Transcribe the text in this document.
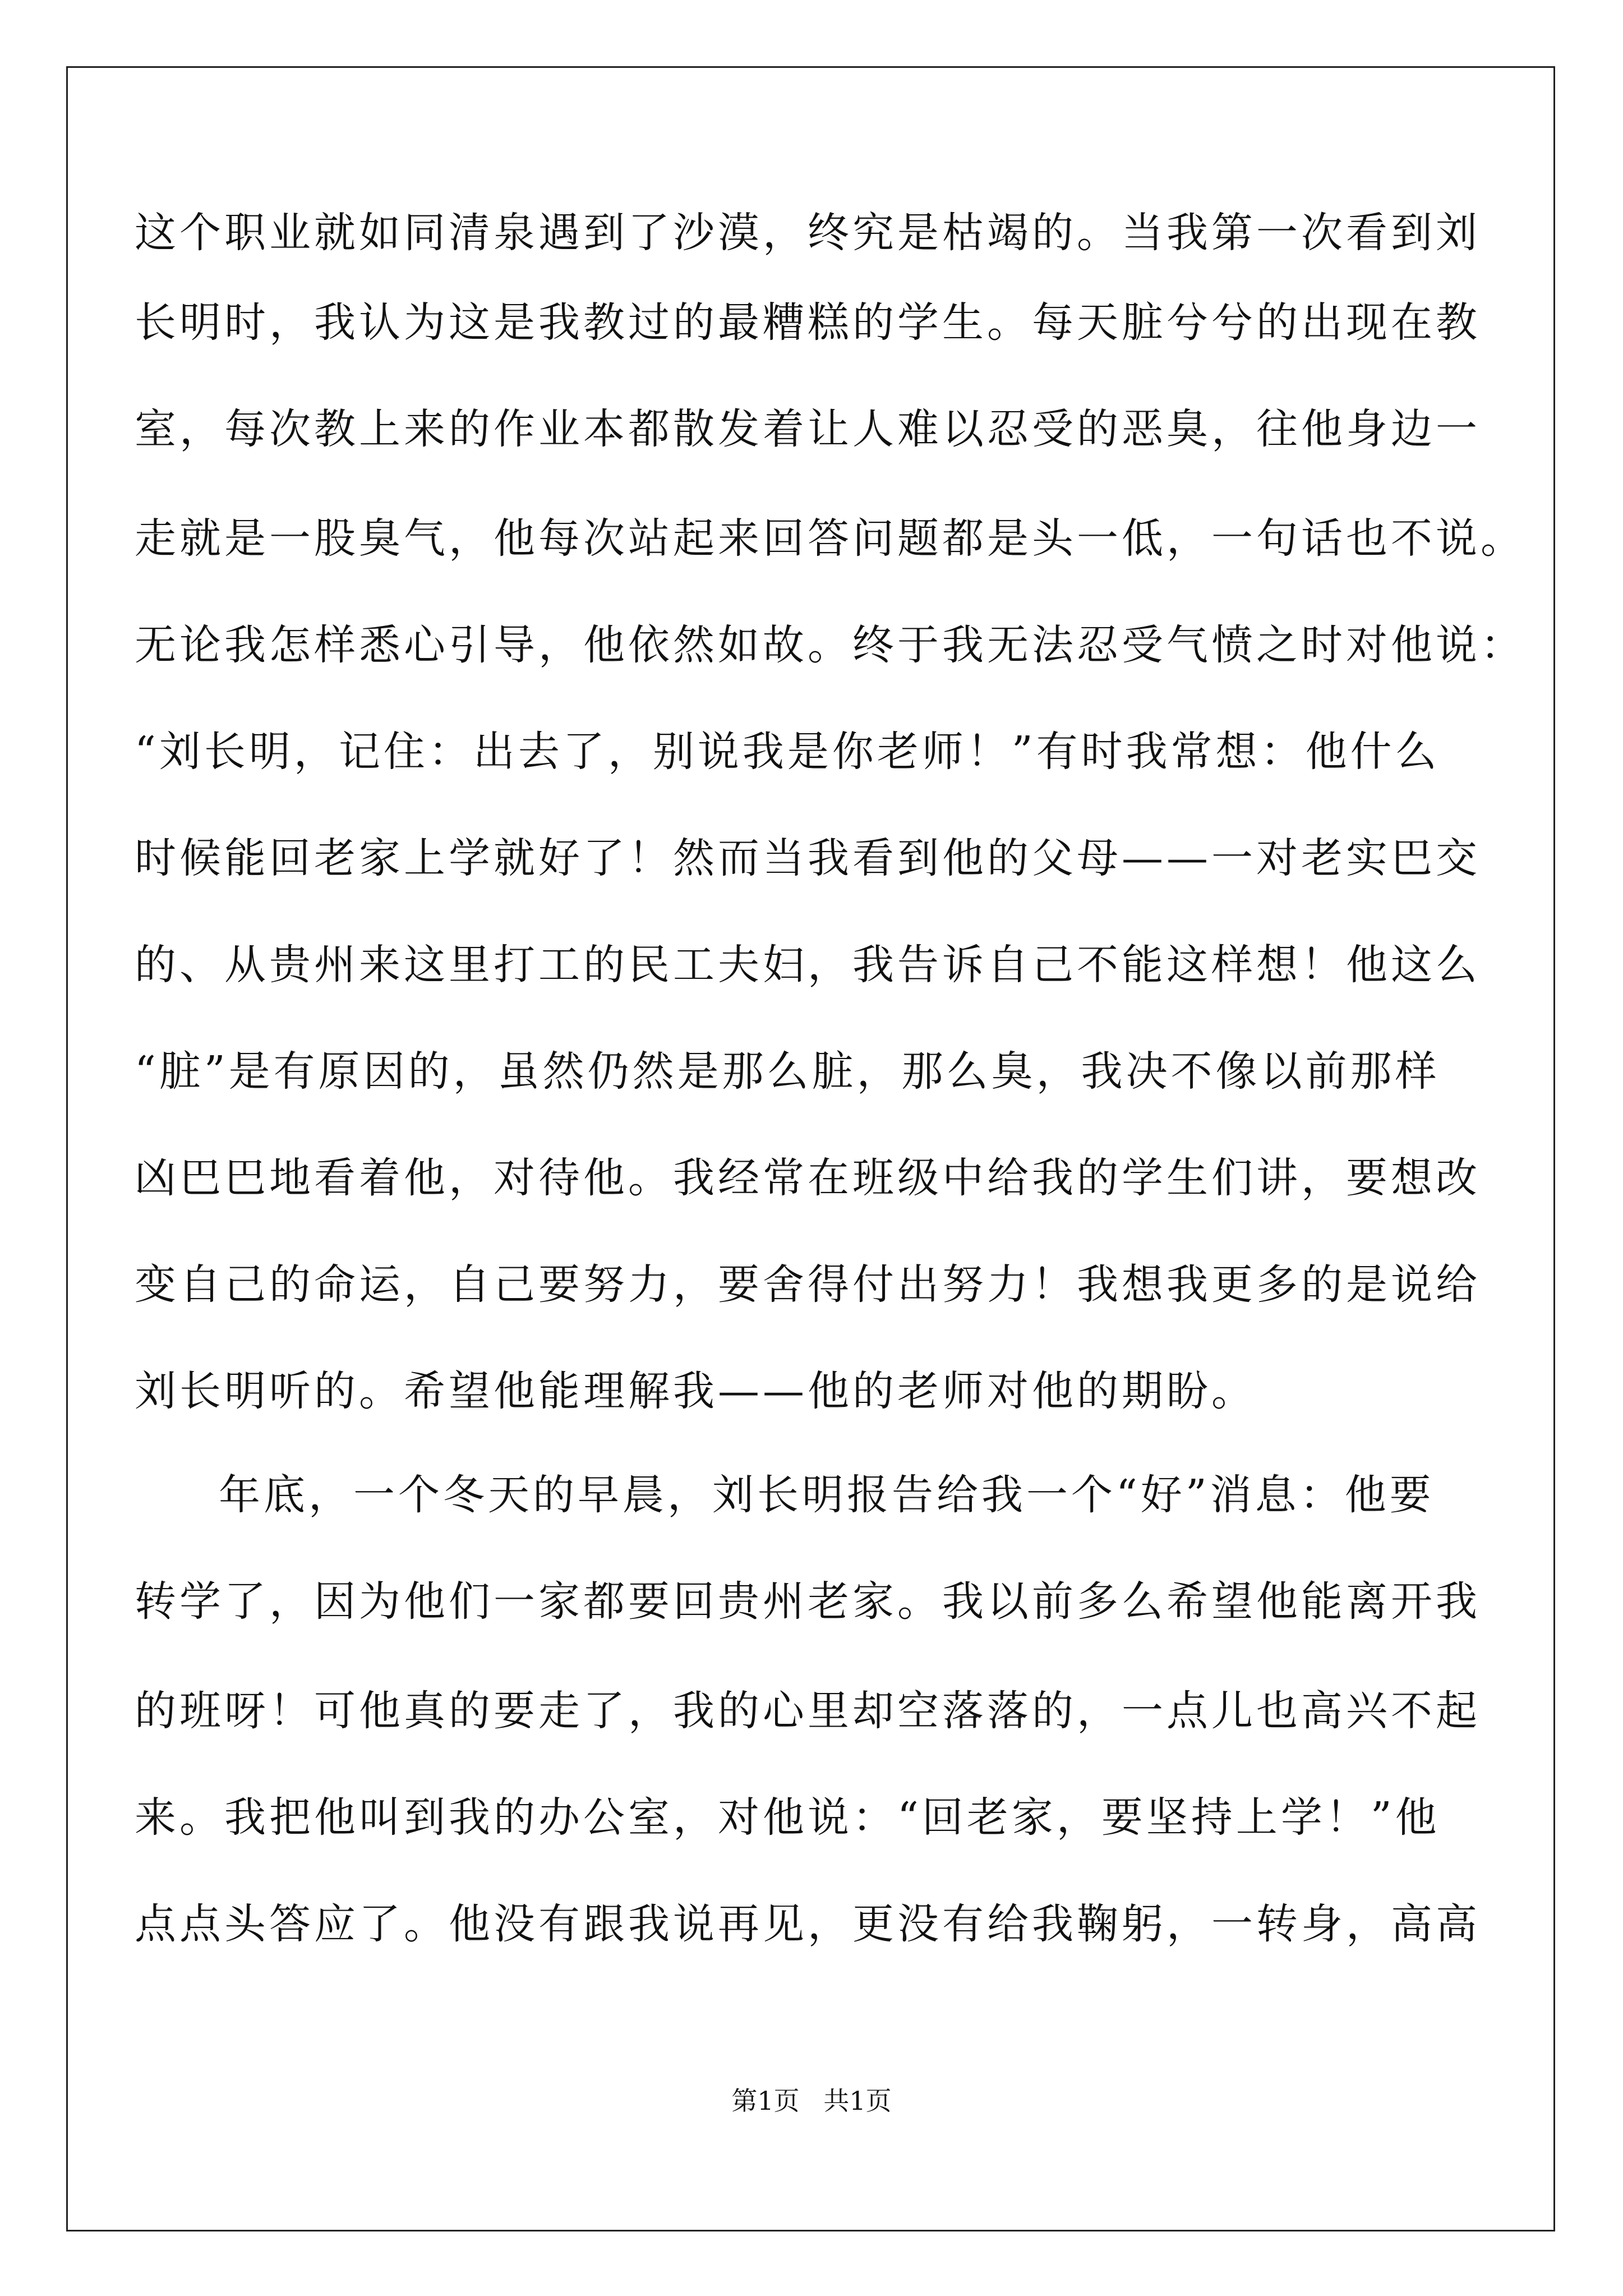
这个职业就如同清泉遇到了沙漠，终究是枯竭的。当我第一次看到刘
长明时，我认为这是我教过的最糟糕的学生。每天脏兮兮的出现在教
室，每次教上来的作业本都散发着让人难以忍受的恶臭，往他身边一
走就是一股臭气，他每次站起来回答问题都是头一低，一句话也不说。
无论我怎样悉心引导，他依然如故。终于我无法忍受气愤之时对他说：
“刘长明，记住：出去了，别说我是你老师！”有时我常想：他什么
时候能回老家上学就好了！然而当我看到他的父母——一对老实巴交
的、从贵州来这里打工的民工夫妇，我告诉自己不能这样想！他这么
“脏”是有原因的，虽然仍然是那么脏，那么臭，我决不像以前那样
凶巴巴地看着他，对待他。我经常在班级中给我的学生们讲，要想改
变自己的命运，自己要努力，要舍得付出努力！我想我更多的是说给
刘长明听的。希望他能理解我——他的老师对他的期盼。
年底，一个冬天的早晨，刘长明报告给我一个“好”消息：他要
转学了，因为他们一家都要回贵州老家。我以前多么希望他能离开我
的班呀！可他真的要走了，我的心里却空落落的，一点儿也高兴不起
来。我把他叫到我的办公室，对他说：“回老家，要坚持上学！”他
点点头答应了。他没有跟我说再见，更没有给我鞠躬，一转身，高高
第1页 共1页
